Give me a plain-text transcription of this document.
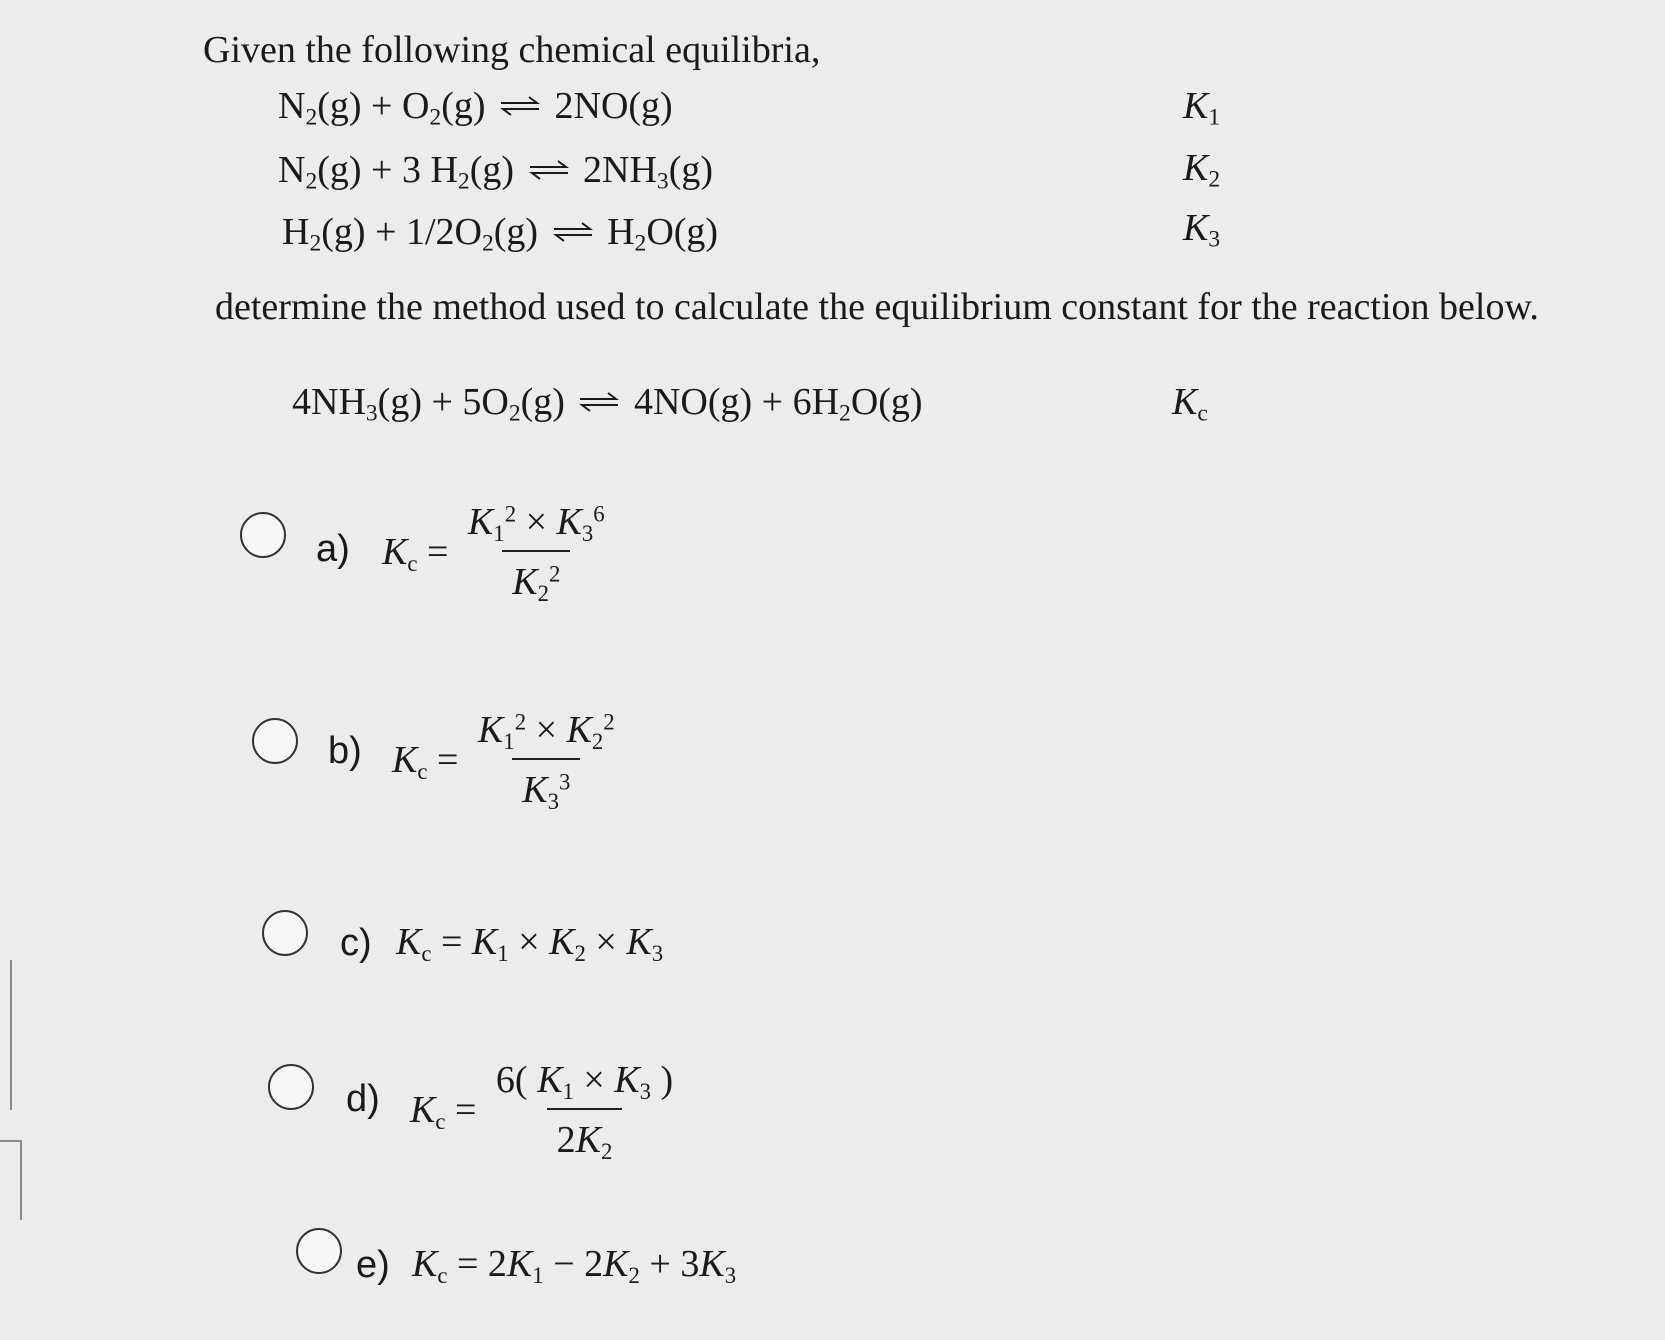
Given the following chemical equilibria,
$N_2(g) + O_2(g)$ ⇌ 2NO(g)	$K_1$
$N_2(g) + 3$ $H_2(g)$ ⇌ $2NH_3(g)$	$K_2$
$H_2(g) + 1/2O_2(g)$ ⇌ $H_2O(g)$	$K_3$
determine the method used to calculate the equilibrium constant for the reaction below.
$4NH_3(g) + 5O_2(g)$ ⇌ $4NO(g) + 6H_2O(g)$	$K_c$
a) $K_c = \frac{K_1^2 \times K_3^6}{K_2^2}$
b) $K_c = \frac{K_1^2 \times K_2^2}{K_3^3}$
c) $K_c = K_1 \times K_2 \times K_3$
d) $K_c = \frac{6( K_1 \times K_3 )}{2K_2}$
e) $K_c = 2K_1 - 2K_2 + 3K_3$
